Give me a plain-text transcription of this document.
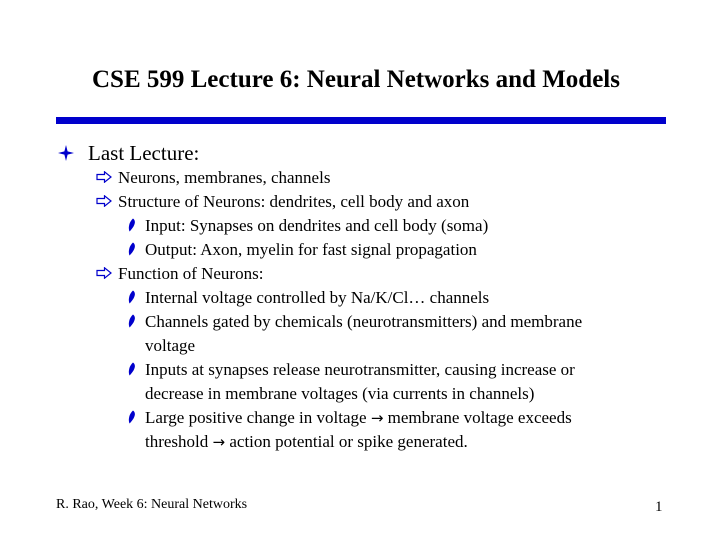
CSE 599 Lecture 6: Neural Networks and Models
Last Lecture:
Neurons, membranes, channels
Structure of Neurons: dendrites, cell body and axon
Input: Synapses on dendrites and cell body (soma)
Output: Axon, myelin for fast signal propagation
Function of Neurons:
Internal voltage controlled by Na/K/Cl… channels
Channels gated by chemicals (neurotransmitters) and membrane
voltage
Inputs at synapses release neurotransmitter, causing increase or
decrease in membrane voltages (via currents in channels)
Large positive change in voltage → membrane voltage exceeds
threshold → action potential or spike generated.
R. Rao, Week 6: Neural Networks	1
